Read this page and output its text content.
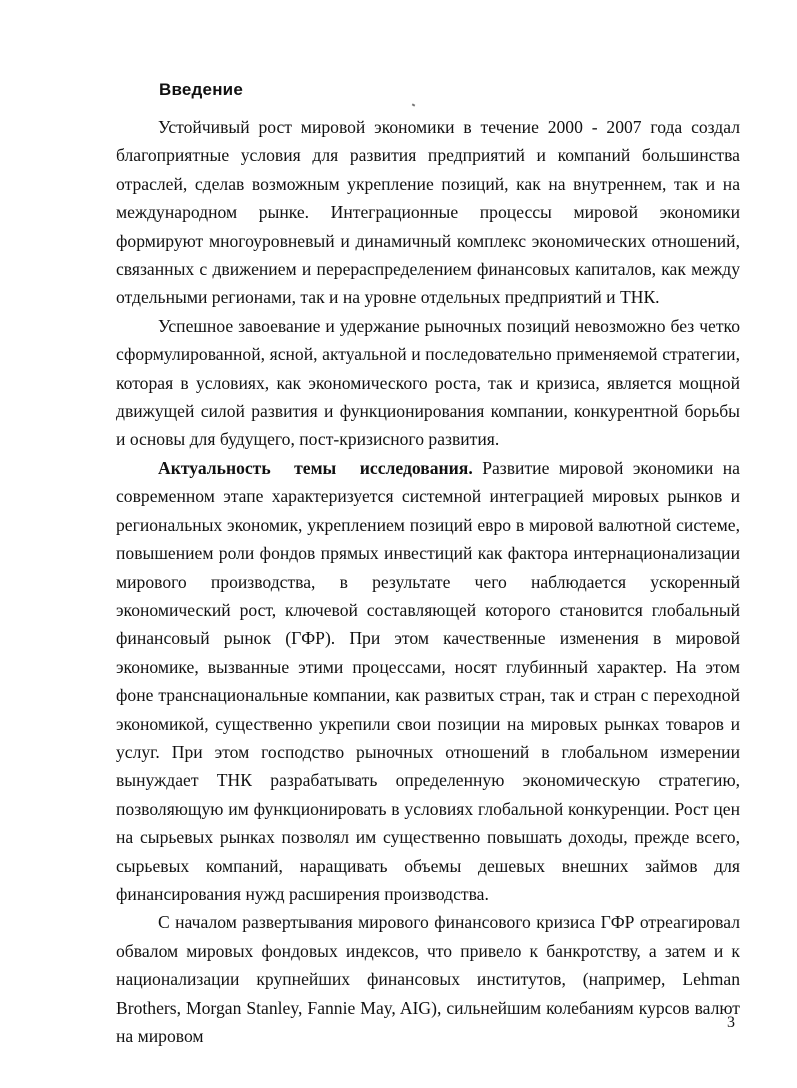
Введение

Устойчивый рост мировой экономики в течение 2000 - 2007 года создал благоприятные условия для развития предприятий и компаний большинства отраслей, сделав возможным укрепление позиций, как на внутреннем, так и на международном рынке. Интеграционные процессы мировой экономики формируют многоуровневый и динамичный комплекс экономических отношений, связанных с движением и перераспределением финансовых капиталов, как между отдельными регионами, так и на уровне отдельных предприятий и ТНК.

Успешное завоевание и удержание рыночных позиций невозможно без четко сформулированной, ясной, актуальной и последовательно применяемой стратегии, которая в условиях, как экономического роста, так и кризиса, является мощной движущей силой развития и функционирования компании, конкурентной борьбы и основы для будущего, пост-кризисного развития.

Актуальность темы исследования. Развитие мировой экономики на современном этапе характеризуется системной интеграцией мировых рынков и региональных экономик, укреплением позиций евро в мировой валютной системе, повышением роли фондов прямых инвестиций как фактора интернационализации мирового производства, в результате чего наблюдается ускоренный экономический рост, ключевой составляющей которого становится глобальный финансовый рынок (ГФР). При этом качественные изменения в мировой экономике, вызванные этими процессами, носят глубинный характер. На этом фоне транснациональные компании, как развитых стран, так и стран с переходной экономикой, существенно укрепили свои позиции на мировых рынках товаров и услуг. При этом господство рыночных отношений в глобальном измерении вынуждает ТНК разрабатывать определенную экономическую стратегию, позволяющую им функционировать в условиях глобальной конкуренции. Рост цен на сырьевых рынках позволял им существенно повышать доходы, прежде всего, сырьевых компаний, наращивать объемы дешевых внешних займов для финансирования нужд расширения производства.

С началом развертывания мирового финансового кризиса ГФР отреагировал обвалом мировых фондовых индексов, что привело к банкротству, а затем и к национализации крупнейших финансовых институтов, (например, Lehman Brothers, Morgan Stanley, Fannie May, AIG), сильнейшим колебаниям курсов валют на мировом

3
